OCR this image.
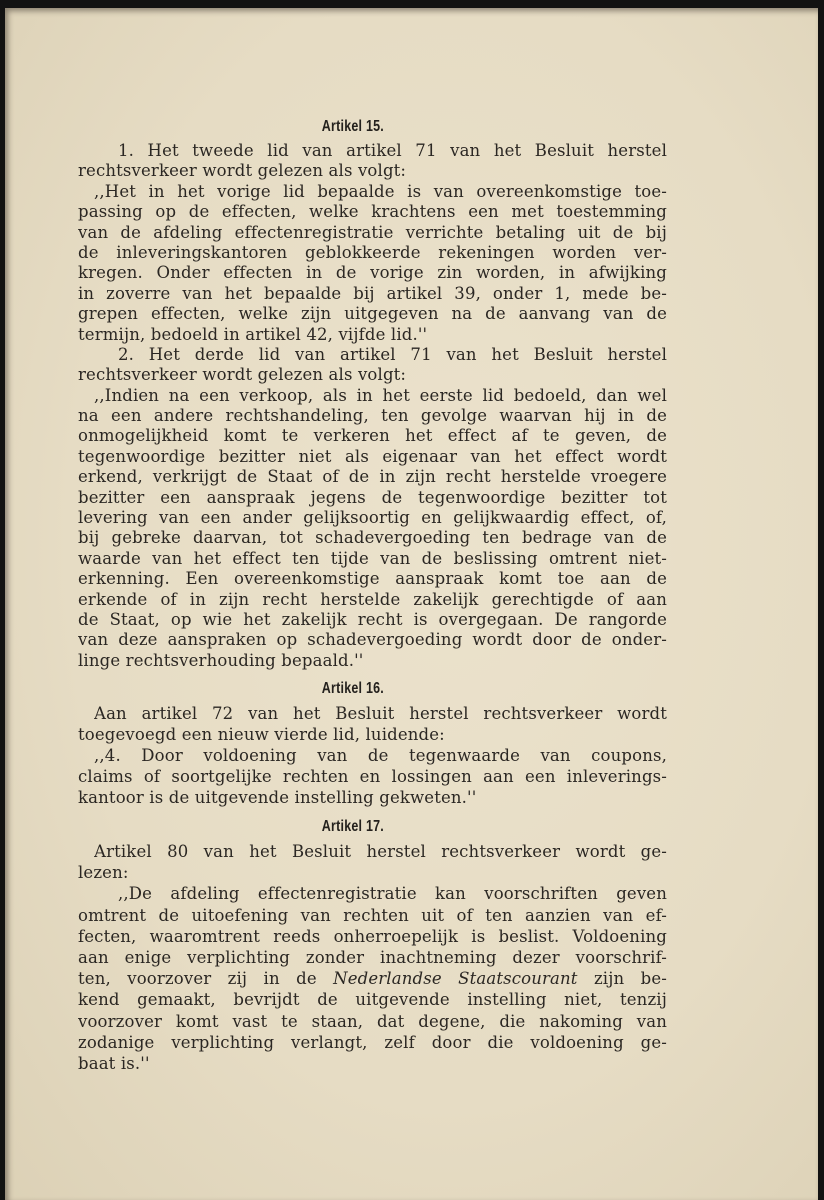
Artikel 15.
1. Het tweede lid van artikel 71 van het Besluit herstel
rechtsverkeer wordt gelezen als volgt:
,,Het in het vorige lid bepaalde is van overeenkomstige toe-
passing op de effecten, welke krachtens een met toestemming
van de afdeling effectenregistratie verrichte betaling uit de bij
de inleveringskantoren geblokkeerde rekeningen worden ver-
kregen. Onder effecten in de vorige zin worden, in afwijking
in zoverre van het bepaalde bij artikel 39, onder 1, mede be-
grepen effecten, welke zijn uitgegeven na de aanvang van de
termijn, bedoeld in artikel 42, vijfde lid.''
2. Het derde lid van artikel 71 van het Besluit herstel
rechtsverkeer wordt gelezen als volgt:
,,Indien na een verkoop, als in het eerste lid bedoeld, dan wel
na een andere rechtshandeling, ten gevolge waarvan hij in de
onmogelijkheid komt te verkeren het effect af te geven, de
tegenwoordige bezitter niet als eigenaar van het effect wordt
erkend, verkrijgt de Staat of de in zijn recht herstelde vroegere
bezitter een aanspraak jegens de tegenwoordige bezitter tot
levering van een ander gelijksoortig en gelijkwaardig effect, of,
bij gebreke daarvan, tot schadevergoeding ten bedrage van de
waarde van het effect ten tijde van de beslissing omtrent niet-
erkenning. Een overeenkomstige aanspraak komt toe aan de
erkende of in zijn recht herstelde zakelijk gerechtigde of aan
de Staat, op wie het zakelijk recht is overgegaan. De rangorde
van deze aanspraken op schadevergoeding wordt door de onder-
linge rechtsverhouding bepaald.''
Artikel 16.
Aan artikel 72 van het Besluit herstel rechtsverkeer wordt
toegevoegd een nieuw vierde lid, luidende:
,,4. Door voldoening van de tegenwaarde van coupons,
claims of soortgelijke rechten en lossingen aan een inleverings-
kantoor is de uitgevende instelling gekweten.''
Artikel 17.
Artikel 80 van het Besluit herstel rechtsverkeer wordt ge-
lezen:
,,De afdeling effectenregistratie kan voorschriften geven
omtrent de uitoefening van rechten uit of ten aanzien van ef-
fecten, waaromtrent reeds onherroepelijk is beslist. Voldoening
aan enige verplichting zonder inachtneming dezer voorschrif-
ten, voorzover zij in de Nederlandse Staatscourant zijn be-
kend gemaakt, bevrijdt de uitgevende instelling niet, tenzij
voorzover komt vast te staan, dat degene, die nakoming van
zodanige verplichting verlangt, zelf door die voldoening ge-
baat is.''
